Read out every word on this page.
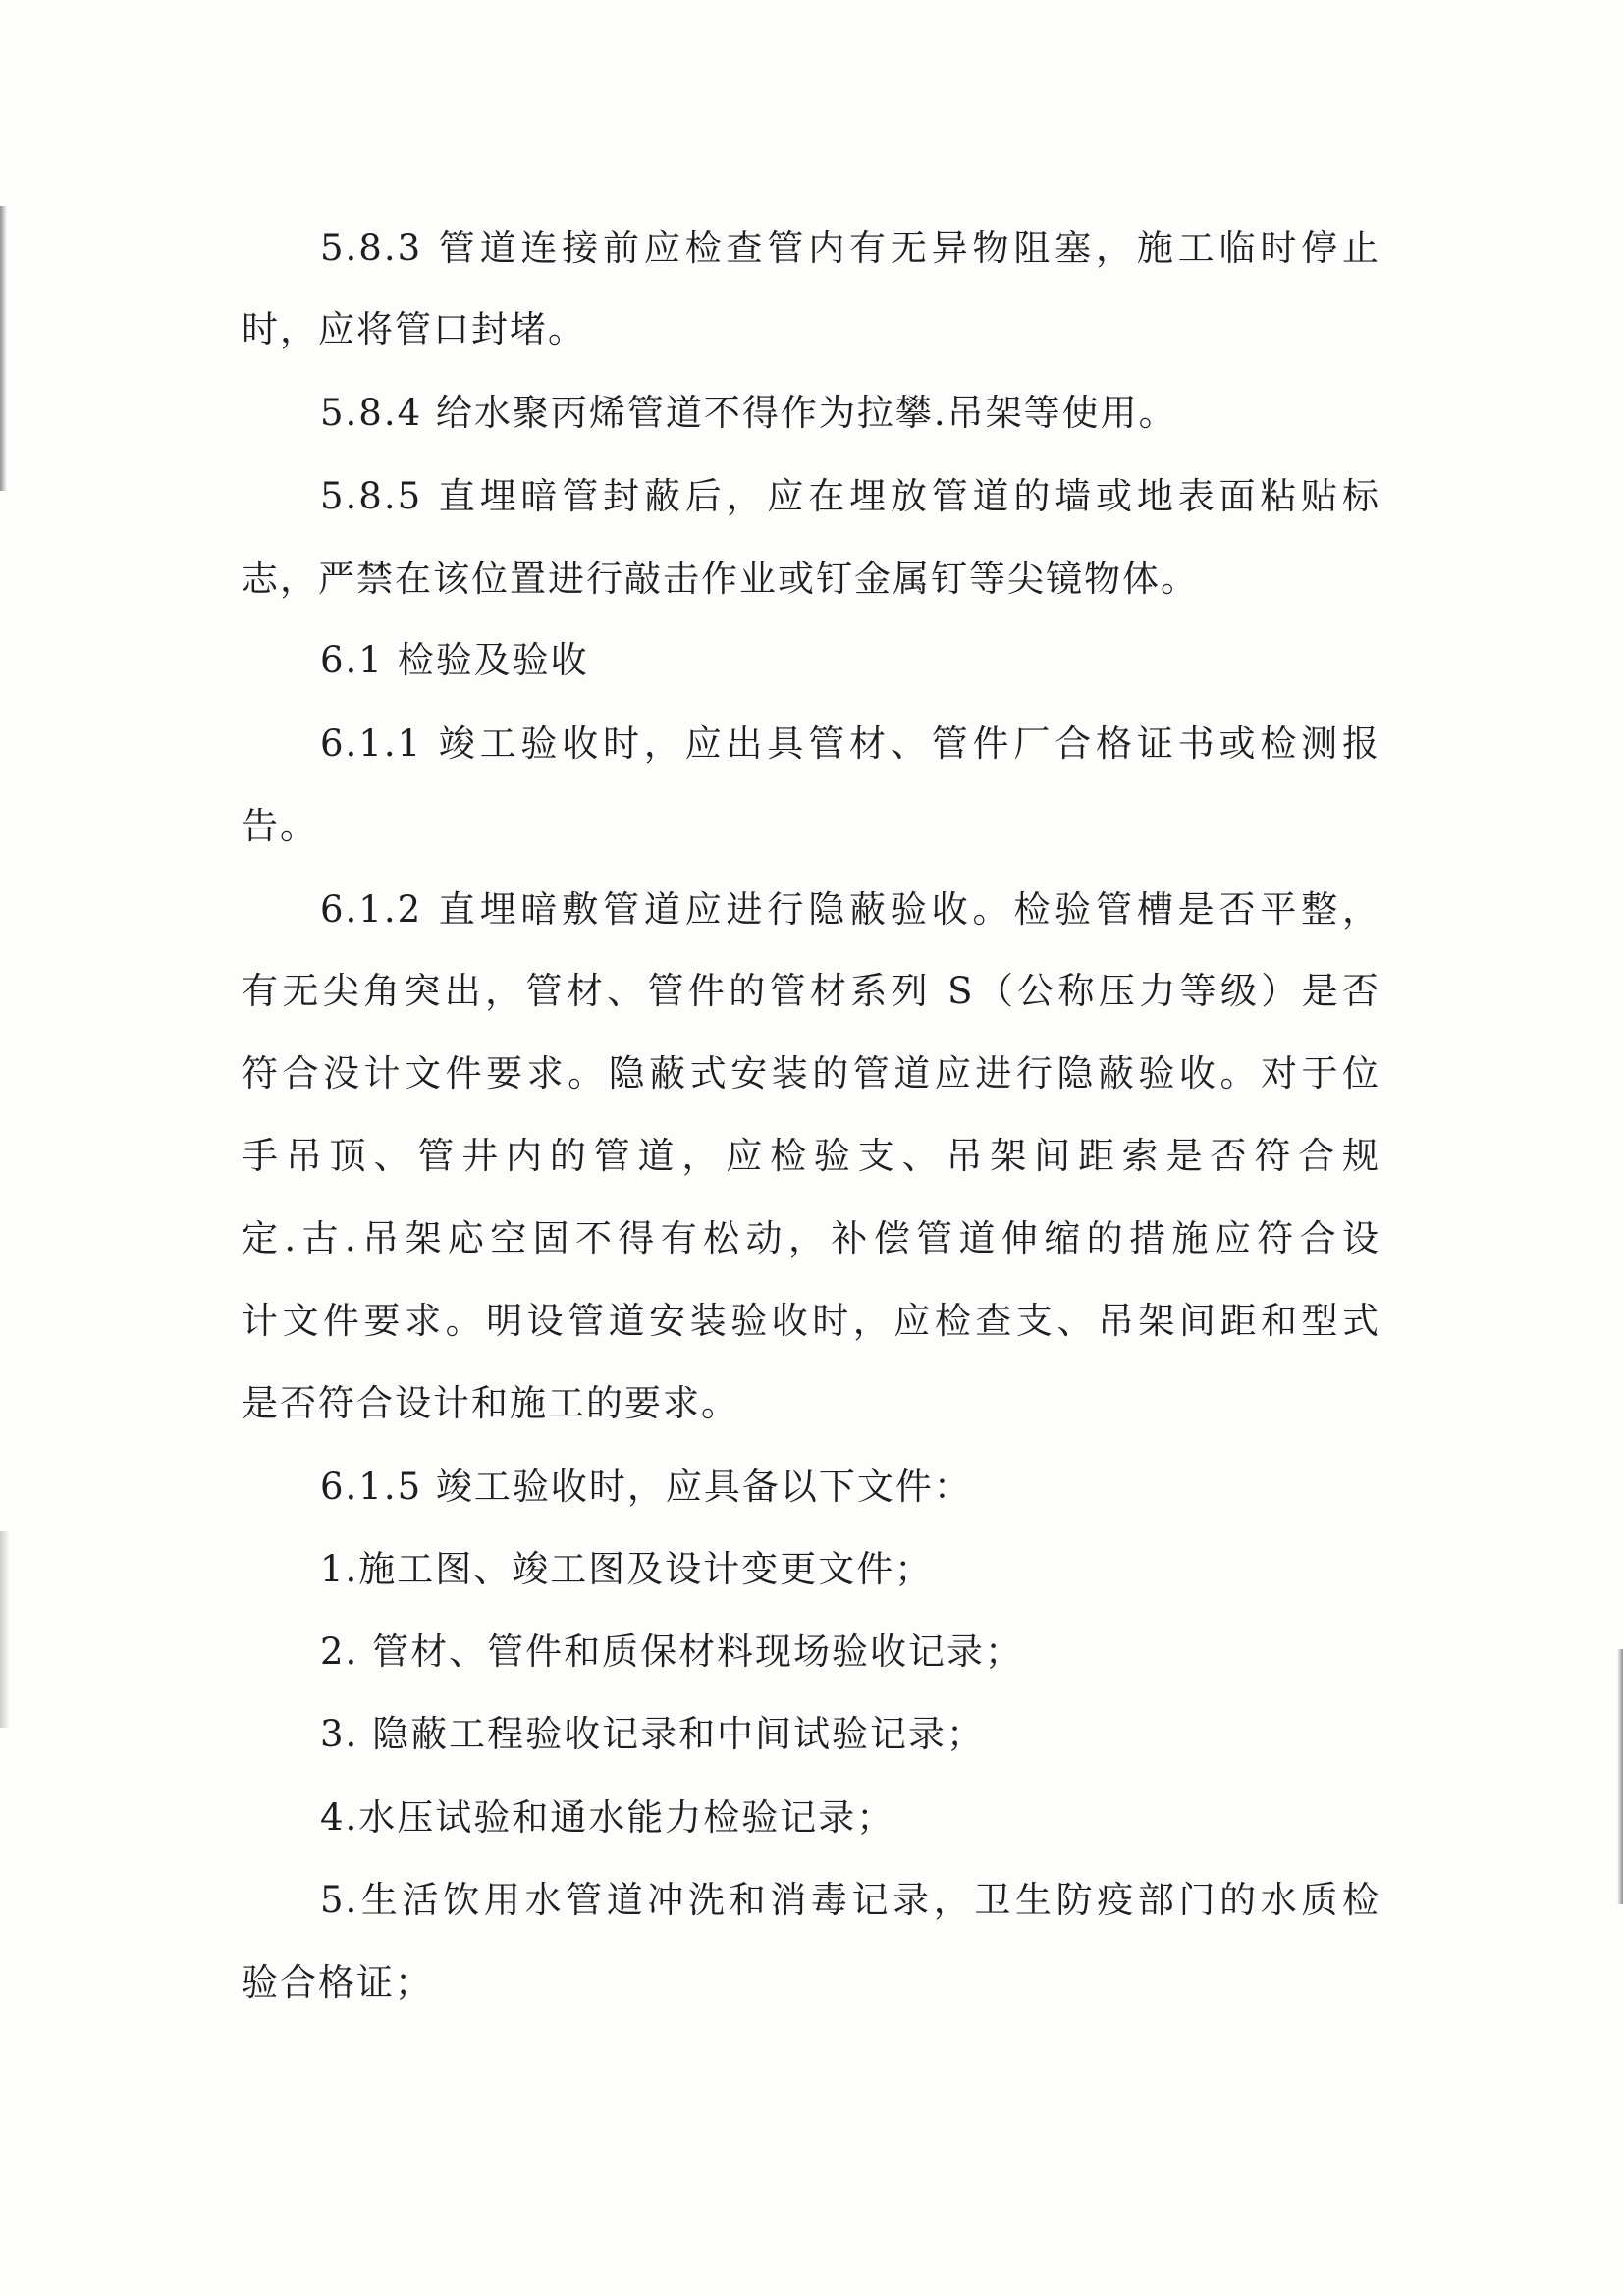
5.8.3 管道连接前应检查管内有无异物阻塞，施工临时停止
时，应将管口封堵。
5.8.4 给水聚丙烯管道不得作为拉攀.吊架等使用。
5.8.5 直埋暗管封蔽后，应在埋放管道的墙或地表面粘贴标
志，严禁在该位置进行敲击作业或钉金属钉等尖镜物体。
6.1 检验及验收
6.1.1 竣工验收时，应出具管材、管件厂合格证书或检测报
告。
6.1.2 直埋暗敷管道应进行隐蔽验收。检验管槽是否平整，
有无尖角突出，管材、管件的管材系列 S（公称压力等级）是否
符合没计文件要求。隐蔽式安装的管道应进行隐蔽验收。对于位
手吊顶、管井内的管道，应检验支、吊架间距索是否符合规
定.古.吊架応空固不得有松动，补偿管道伸缩的措施应符合设
计文件要求。明设管道安装验收时，应检查支、吊架间距和型式
是否符合设计和施工的要求。
6.1.5 竣工验收时，应具备以下文件：
1.施工图、竣工图及设计变更文件；
2. 管材、管件和质保材料现场验收记录；
3. 隐蔽工程验收记录和中间试验记录；
4.水压试验和通水能力检验记录；
5.生活饮用水管道冲洗和消毒记录，卫生防疫部门的水质检
验合格证；
